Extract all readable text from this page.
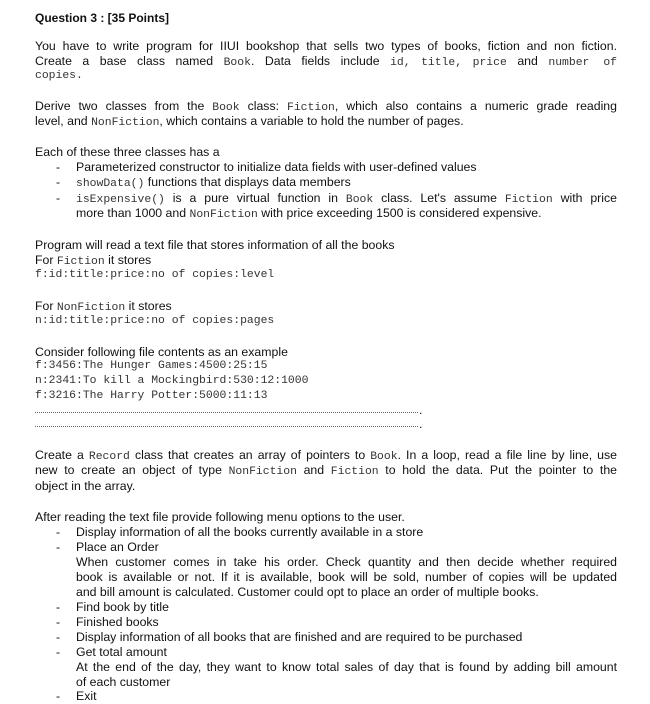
Question 3 : [35 Points]
You have to write program for IIUI bookshop that sells two types of books, fiction and non fiction.
Create a base class named Book. Data fields include id, title, price and number of
copies.
Derive two classes from the Book class: Fiction, which also contains a numeric grade reading
level, and NonFiction, which contains a variable to hold the number of pages.
Each of these three classes has a
- Parameterized constructor to initialize data fields with user-defined values
- showData() functions that displays data members
- isExpensive() is a pure virtual function in Book class. Let's assume Fiction with price
more than 1000 and NonFiction with price exceeding 1500 is considered expensive.
Program will read a text file that stores information of all the books
For Fiction it stores
f:id:title:price:no of copies:level
For NonFiction it stores
n:id:title:price:no of copies:pages
Consider following file contents as an example
f:3456:The Hunger Games:4500:25:15
n:2341:To kill a Mockingbird:530:12:1000
f:3216:The Harry Potter:5000:11:13
.
.
Create a Record class that creates an array of pointers to Book. In a loop, read a file line by line, use
new to create an object of type NonFiction and Fiction to hold the data. Put the pointer to the
object in the array.
After reading the text file provide following menu options to the user.
- Display information of all the books currently available in a store
- Place an Order
When customer comes in take his order. Check quantity and then decide whether required
book is available or not. If it is available, book will be sold, number of copies will be updated
and bill amount is calculated. Customer could opt to place an order of multiple books.
- Find book by title
- Finished books
- Display information of all books that are finished and are required to be purchased
- Get total amount
At the end of the day, they want to know total sales of day that is found by adding bill amount
of each customer
- Exit
